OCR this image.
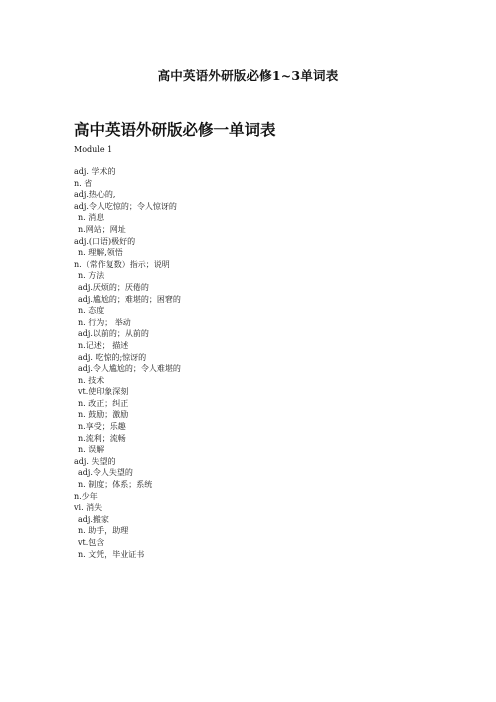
高中英语外研版必修1~3单词表
高中英语外研版必修一单词表

Module 1

adj. 学术的
n. 省
adj.热心的,
adj.令人吃惊的；令人惊讶的
n. 消息
n.网站；网址
adj.(口语)极好的
n. 理解,领悟
n.（常作复数）指示；说明
n. 方法
adj.厌烦的；厌倦的
adj.尴尬的；难堪的；困窘的
n. 态度
n. 行为； 举动
adj.以前的；从前的
n.记述； 描述
adj. 吃惊的;惊讶的
adj.令人尴尬的；令人难堪的
n. 技术
vt.使印象深刻
n. 改正；纠正
n. 鼓励；激励
n.享受；乐趣
n.流利；流畅
n. 误解
adj. 失望的
adj.令人失望的
n. 制度；体系；系统
n.少年
vi. 消失
adj.搬家
n. 助手，助理
vt.包含
n. 文凭，毕业证书
